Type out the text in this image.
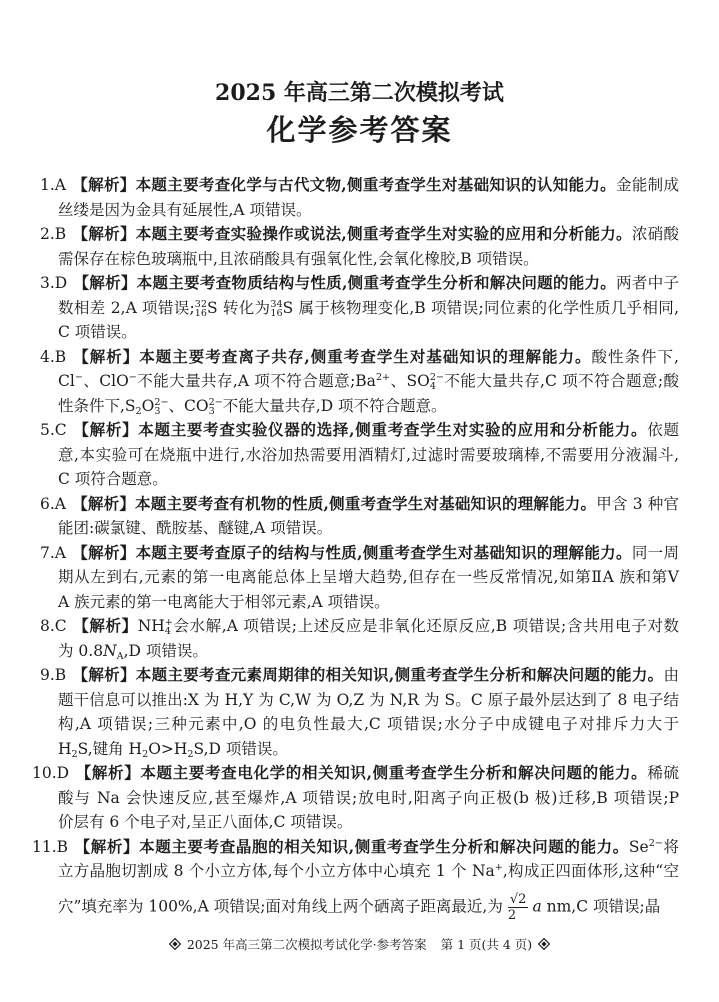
2025 年高三第二次模拟考试
化学参考答案
1.A 【解析】本题主要考查化学与古代文物,侧重考查学生对基础知识的认知能力。金能制成
丝缕是因为金具有延展性,A 项错误。
2.B 【解析】本题主要考查实验操作或说法,侧重考查学生对实验的应用和分析能力。浓硝酸
需保存在棕色玻璃瓶中,且浓硝酸具有强氧化性,会氧化橡胶,B 项错误。
3.D 【解析】本题主要考查物质结构与性质,侧重考查学生分析和解决问题的能力。两者中子
数相差 2,A 项错误; 32
16 S 转化为 34
16 S 属于核物理变化,B 项错误;同位素的化学性质几乎相同,
C 项错误。
4.B 【解析】本题主要考查离子共存,侧重考查学生对基础知识的理解能力。酸性条件下,
Cl−、ClO−不能大量共存,A 项不符合题意$;Ba^{2+}$、SO 2−
4 不能大量共存,C 项不符合题意;酸
性条件下$,S_2O$ 2−
3 、CO 2−
3 不能大量共存,D 项不符合题意。
5.C 【解析】本题主要考查实验仪器的选择,侧重考查学生对实验的应用和分析能力。依题
意,本实验可在烧瓶中进行,水浴加热需要用酒精灯,过滤时需要玻璃棒,不需要用分液漏斗,
C 项符合题意。
6.A 【解析】本题主要考查有机物的性质,侧重考查学生对基础知识的理解能力。甲含 3 种官
能团:碳氯键、酰胺基、醚键,A 项错误。
7.A 【解析】本题主要考查原子的结构与性质,侧重考查学生对基础知识的理解能力。同一周
期从左到右,元素的第一电离能总体上呈增大趋势,但存在一些反常情况,如第ⅡA 族和第Ⅴ
A 族元素的第一电离能大于相邻元素,A 项错误。
8.C 【解析】NH +
4 会水解,A 项错误;上述反应是非氧化还原反应,B 项错误;含共用电子对数
为 $0.8N_A,D$ 项错误。
9.B 【解析】本题主要考查元素周期律的相关知识,侧重考查学生分析和解决问题的能力。由
题干信息可以推出:X 为 H,Y 为 C,W 为 O,Z 为 N,R 为 S。C 原子最外层达到了 8 电子结
构,A 项错误;三种元素中,O 的电负性最大,C 项错误;水分子中成键电子对排斥力大于
$H_2S$,键角 $H_2O>H_2S,D$ 项错误。
10.D 【解析】本题主要考查电化学的相关知识,侧重考查学生分析和解决问题的能力。稀硫
酸与 Na 会快速反应,甚至爆炸,A 项错误;放电时,阳离子向正极(b 极)迁移,B 项错误;P
价层有 6 个电子对,呈正八面体,C 项错误。
11.B 【解析】本题主要考查晶胞的相关知识,侧重考查学生分析和解决问题的能力。$Se^{2-}$将
立方晶胞切割成 8 个小立方体,每个小立方体中心填充 1 个 Na+,构成正四面体形,这种“空
穴”填充率为 100%,A 项错误;面对角线上两个硒离子距离最近,为 $\frac{√2}{2}$ a nm,C 项错误;晶
2025 年高三第二次模拟考试化学·参考答案 第 1 页(共 4 页)
